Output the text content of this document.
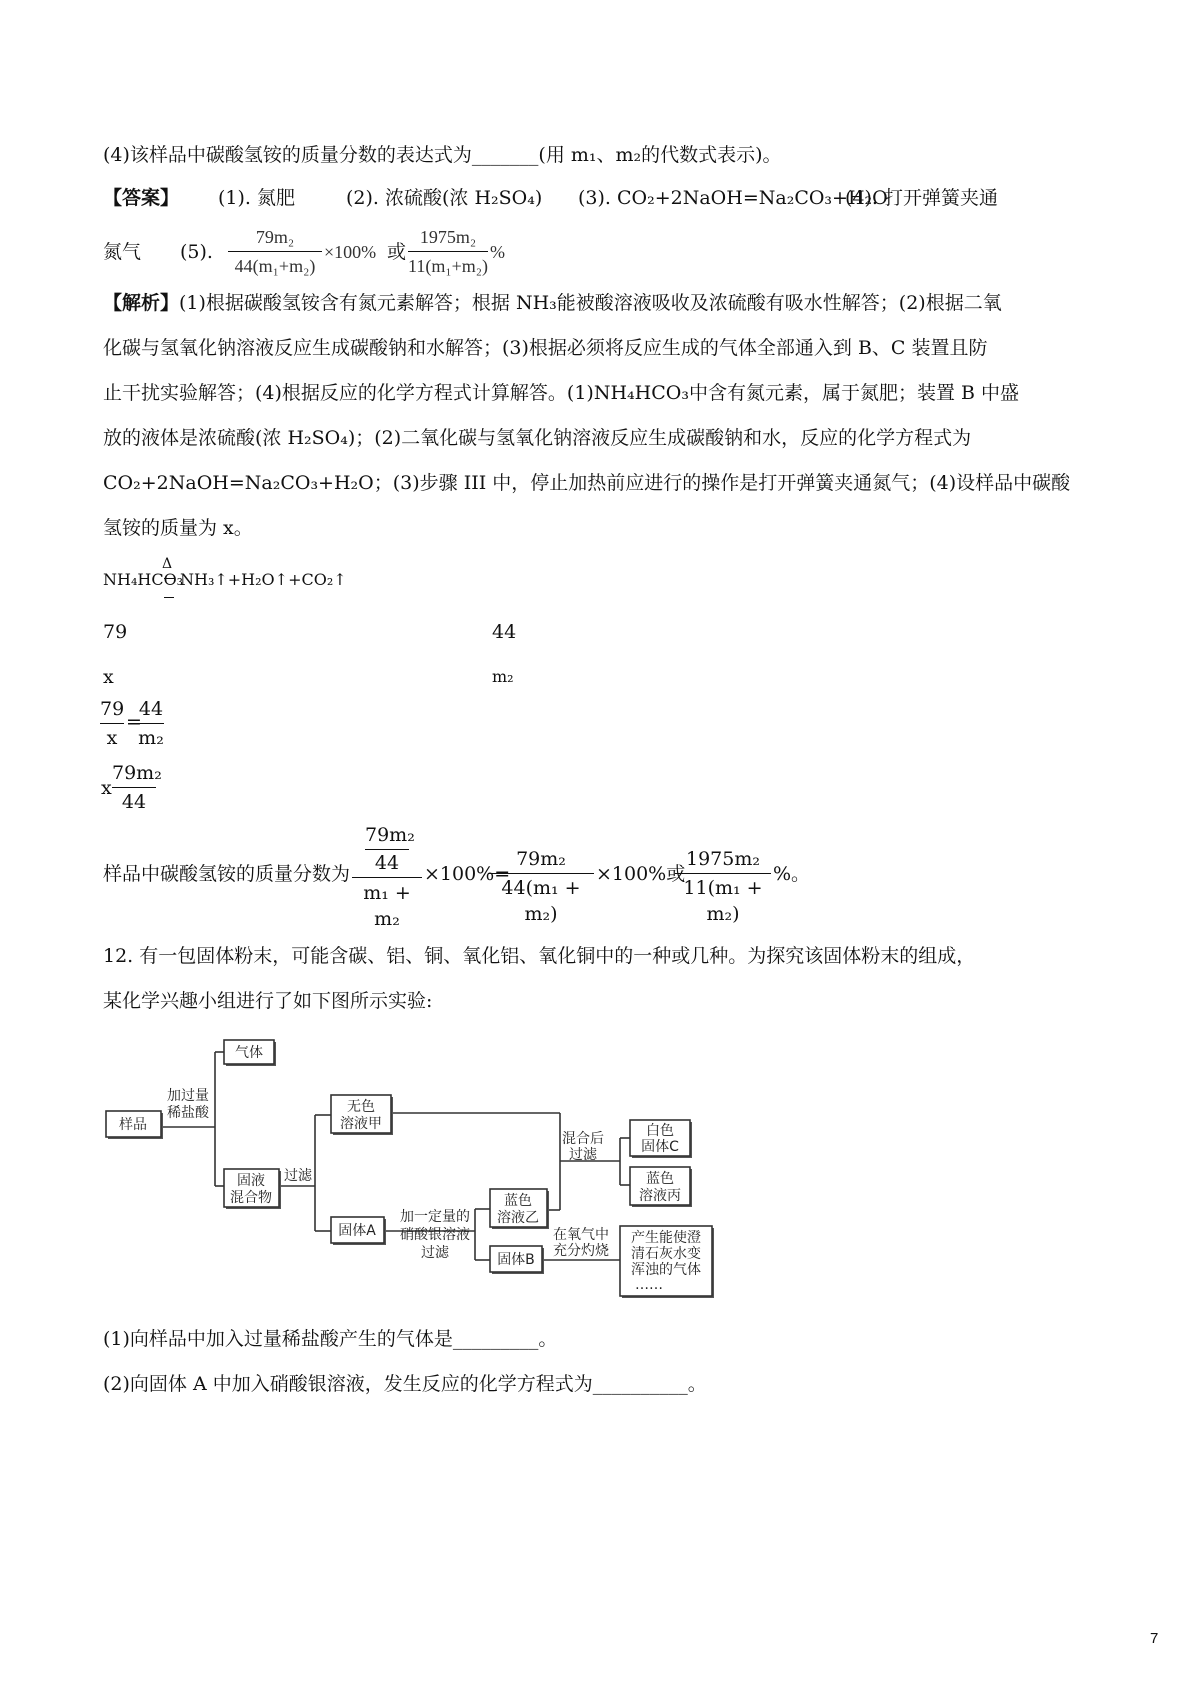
(4)该样品中碳酸氢铵的质量分数的表达式为_______(用 m₁、m₂的代数式表示)。
【答案】 (1). 氮肥	(2). 浓硫酸(浓 H₂SO₄) (3). CO₂+2NaOH=Na₂CO₃+H₂O
(4). 打开弹簧夹通
氮气 (5).
79m₂
44(m₁+m₂)
×100% 或
1975m₂
11(m₁+m₂)
%
【解析】(1)根据碳酸氢铵含有氮元素解答；根据 NH₃能被酸溶液吸收及浓硫酸有吸水性解答；(2)根据二氧
化碳与氢氧化钠溶液反应生成碳酸钠和水解答；(3)根据必须将反应生成的气体全部通入到 B、C 装置且防
止干扰实验解答；(4)根据反应的化学方程式计算解答。(1)NH₄HCO₃中含有氮元素，属于氮肥；装置 B 中盛
放的液体是浓硫酸(浓 H₂SO₄)；(2)二氧化碳与氢氧化钠溶液反应生成碳酸钠和水，反应的化学方程式为
CO₂+2NaOH=Na₂CO₃+H₂O；(3)步骤 III 中，停止加热前应进行的操作是打开弹簧夹通氮气；(4)设样品中碳酸
氢铵的质量为 x。
NH₄HCO₃
Δ
NH₃↑+H₂O↑+CO₂↑
79	44
x	m₂
79
x
=
44
m₂
x
79m₂
44
样品中碳酸氢铵的质量分数为
79m₂
44
m₁ + m₂
×100%=
79m₂
44(m₁ + m₂)
×100%或
1975m₂
11(m₁ + m₂)
%。
12. 有一包固体粉末，可能含碳、铝、铜、氧化铝、氧化铜中的一种或几种。为探究该固体粉末的组成，
某化学兴趣小组进行了如下图所示实验:
气体
样品
固液
混合物
无色
溶液甲
固体A
蓝色
溶液乙
固体B
白色
固体C
蓝色
溶液丙
产生能使澄
清石灰水变
浑浊的气体
……
加过量
稀盐酸
过滤
加一定量的
硝酸银溶液
过滤
混合后
过滤
在氧气中
充分灼烧
(1)向样品中加入过量稀盐酸产生的气体是_________。
(2)向固体 A 中加入硝酸银溶液，发生反应的化学方程式为__________。
7
